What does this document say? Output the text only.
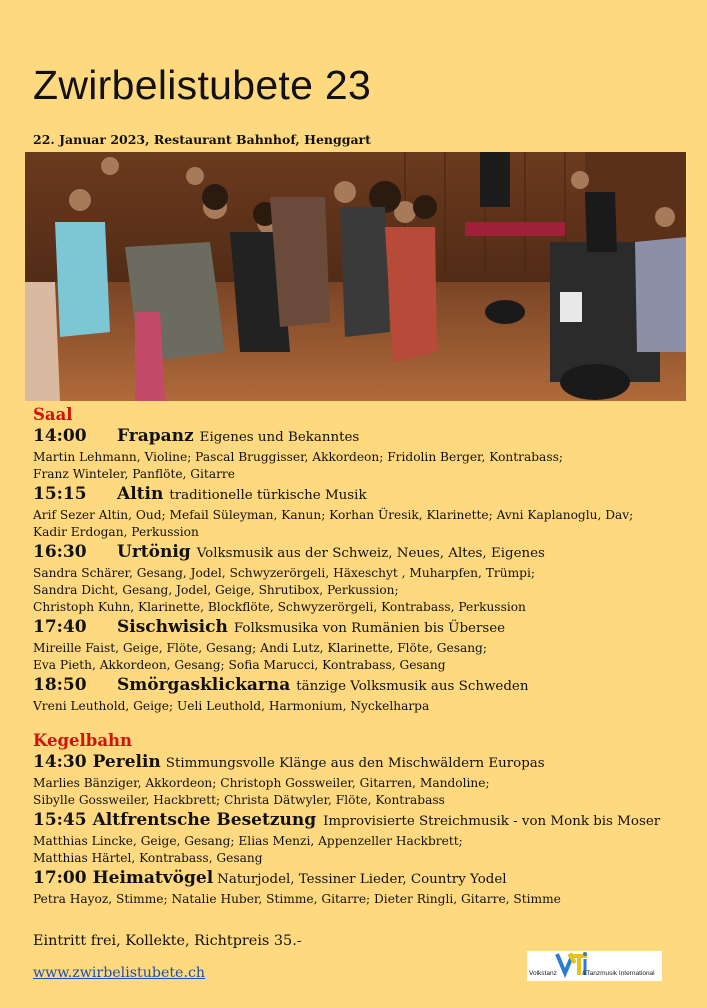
Zwirbelistubete 23
22. Januar 2023, Restaurant Bahnhof, Henggart
Saal
14:00 Frapanz Eigenes und Bekanntes
Martin Lehmann, Violine; Pascal Bruggisser, Akkordeon; Fridolin Berger, Kontrabass;
Franz Winteler, Panflöte, Gitarre
15:15 Altin traditionelle türkische Musik
Arif Sezer Altin, Oud; Mefail Süleyman, Kanun; Korhan Üresik, Klarinette; Avni Kaplanoglu, Dav;
Kadir Erdogan, Perkussion
16:30 Urtönig Volksmusik aus der Schweiz, Neues, Altes, Eigenes
Sandra Schärer, Gesang, Jodel, Schwyzerörgeli, Häxeschyt , Muharpfen, Trümpi;
Sandra Dicht, Gesang, Jodel, Geige, Shrutibox, Perkussion;
Christoph Kuhn, Klarinette, Blockflöte, Schwyzerörgeli, Kontrabass, Perkussion
17:40 Sischwisich Folksmusika von Rumänien bis Übersee
Mireille Faist, Geige, Flöte, Gesang; Andi Lutz, Klarinette, Flöte, Gesang;
Eva Pieth, Akkordeon, Gesang; Sofia Marucci, Kontrabass, Gesang
18:50 Smörgasklickarna tänzige Volksmusik aus Schweden
Vreni Leuthold, Geige; Ueli Leuthold, Harmonium, Nyckelharpa
Kegelbahn
14:30 Perelin Stimmungsvolle Klänge aus den Mischwäldern Europas
Marlies Bänziger, Akkordeon; Christoph Gossweiler, Gitarren, Mandoline;
Sibylle Gossweiler, Hackbrett; Christa Dätwyler, Flöte, Kontrabass
15:45 Altfrentsche Besetzung Improvisierte Streichmusik - von Monk bis Moser
Matthias Lincke, Geige, Gesang; Elias Menzi, Appenzeller Hackbrett;
Matthias Härtel, Kontrabass, Gesang
17:00 Heimatvögel Naturjodel, Tessiner Lieder, Country Yodel
Petra Hayoz, Stimme; Natalie Huber, Stimme, Gitarre; Dieter Ringli, Gitarre, Stimme
Eintritt frei, Kollekte, Richtpreis 35.-
www.zwirbelistubete.ch	Volkstanz	&Tanzmusik International
